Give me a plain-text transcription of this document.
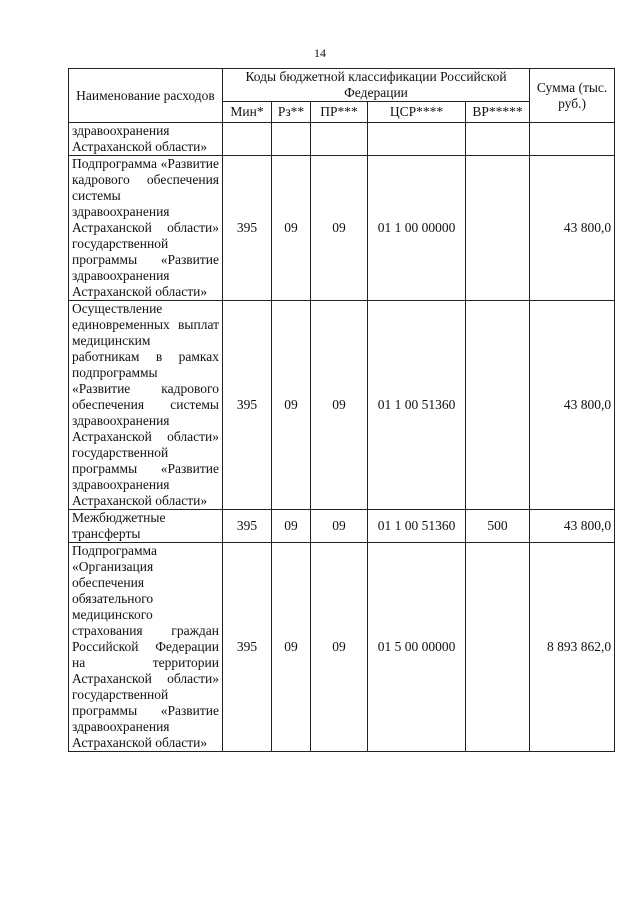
14
Наименование расходов	Коды бюджетной классификации Российской Федерации					Сумма (тыс. руб.)
	Мин*	Рз**	ПР***	ЦСР****	ВР*****	
здравоохранения Астраханской области»						
Подпрограмма «Развитие кадрового обеспечения системы здравоохранения Астраханской области» государственной программы «Развитие здравоохранения Астраханской области»	395	09	09	01 1 00 00000		43 800,0
Осуществление единовременных выплат медицинским работникам в рамках подпрограммы «Развитие кадрового обеспечения системы здравоохранения Астраханской области» государственной программы «Развитие здравоохранения Астраханской области»	395	09	09	01 1 00 51360		43 800,0
Межбюджетные трансферты	395	09	09	01 1 00 51360	500	43 800,0
Подпрограмма «Организация обеспечения обязательного медицинского страхования граждан Российской Федерации на территории Астраханской области» государственной программы «Развитие здравоохранения Астраханской области»	395	09	09	01 5 00 00000		8 893 862,0
